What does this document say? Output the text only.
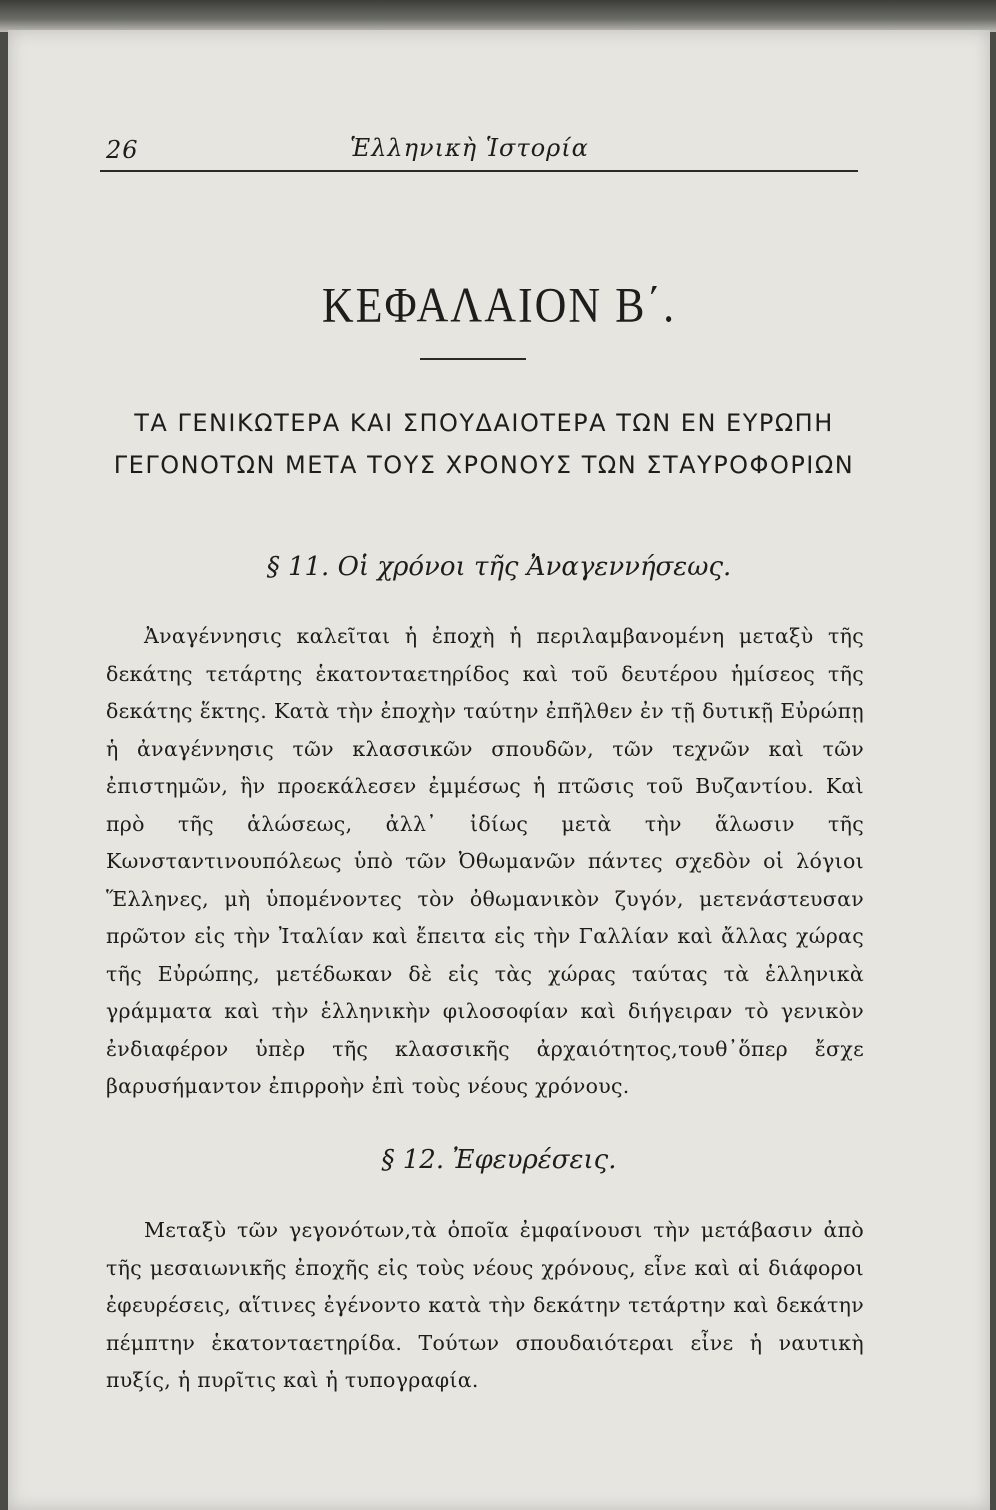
26	Ἑλληνικὴ Ἱστορία
ΚΕΦΑΛΑΙΟΝ Β΄.
ΤΑ ΓΕΝΙΚΩΤΕΡΑ ΚΑΙ ΣΠΟΥΔΑΙΟΤΕΡΑ ΤΩΝ ΕΝ ΕΥΡΩΠΗ ΓΕΓΟΝΟΤΩΝ ΜΕΤΑ ΤΟΥΣ ΧΡΟΝΟΥΣ ΤΩΝ ΣΤΑΥΡΟΦΟΡΙΩΝ
§ 11. Οἱ χρόνοι τῆς Ἀναγεννήσεως.
Ἀναγέννησις καλεῖται ἡ ἐποχὴ ἡ περιλαμβανομένη μεταξὺ τῆς δεκάτης τετάρτης ἑκατονταετηρίδος καὶ τοῦ δευτέρου ἡμίσεος τῆς δεκάτης ἕκτης. Κατὰ τὴν ἐποχὴν ταύτην ἐπῆλθεν ἐν τῇ δυτικῇ Εὐρώπῃ ἡ ἀναγέννησις τῶν κλασσικῶν σπουδῶν, τῶν τεχνῶν καὶ τῶν ἐπιστημῶν, ἣν προεκάλεσεν ἐμμέσως ἡ πτῶσις τοῦ Βυζαντίου. Καὶ πρὸ τῆς ἁλώσεως, ἀλλ᾽ ἰδίως μετὰ τὴν ἅλωσιν τῆς Κωνσταντινουπόλεως ὑπὸ τῶν Ὀθωμανῶν πάντες σχεδὸν οἱ λόγιοι Ἕλληνες, μὴ ὑπομένοντες τὸν ὀθωμανικὸν ζυγόν, μετενάστευσαν πρῶτον εἰς τὴν Ἰταλίαν καὶ ἔπειτα εἰς τὴν Γαλλίαν καὶ ἄλλας χώρας τῆς Εὐρώπης, μετέδωκαν δὲ εἰς τὰς χώρας ταύτας τὰ ἑλληνικὰ γράμματα καὶ τὴν ἑλληνικὴν φιλοσοφίαν καὶ διήγειραν τὸ γενικὸν ἐνδιαφέρον ὑπὲρ τῆς κλασσικῆς ἀρχαιότητος,τουθ᾽ὅπερ ἔσχε βαρυσήμαντον ἐπιρροὴν ἐπὶ τοὺς νέους χρόνους.
§ 12. Ἐφευρέσεις.
Μεταξὺ τῶν γεγονότων,τὰ ὁποῖα ἐμφαίνουσι τὴν μετάβασιν ἀπὸ τῆς μεσαιωνικῆς ἐποχῆς εἰς τοὺς νέους χρόνους, εἶνε καὶ αἱ διάφοροι ἐφευρέσεις, αἵτινες ἐγένοντο κατὰ τὴν δεκάτην τετάρτην καὶ δεκάτην πέμπτην ἑκατονταετηρίδα. Τούτων σπουδαιότεραι εἶνε ἡ ναυτικὴ πυξίς, ἡ πυρῖτις καὶ ἡ τυπογραφία.
